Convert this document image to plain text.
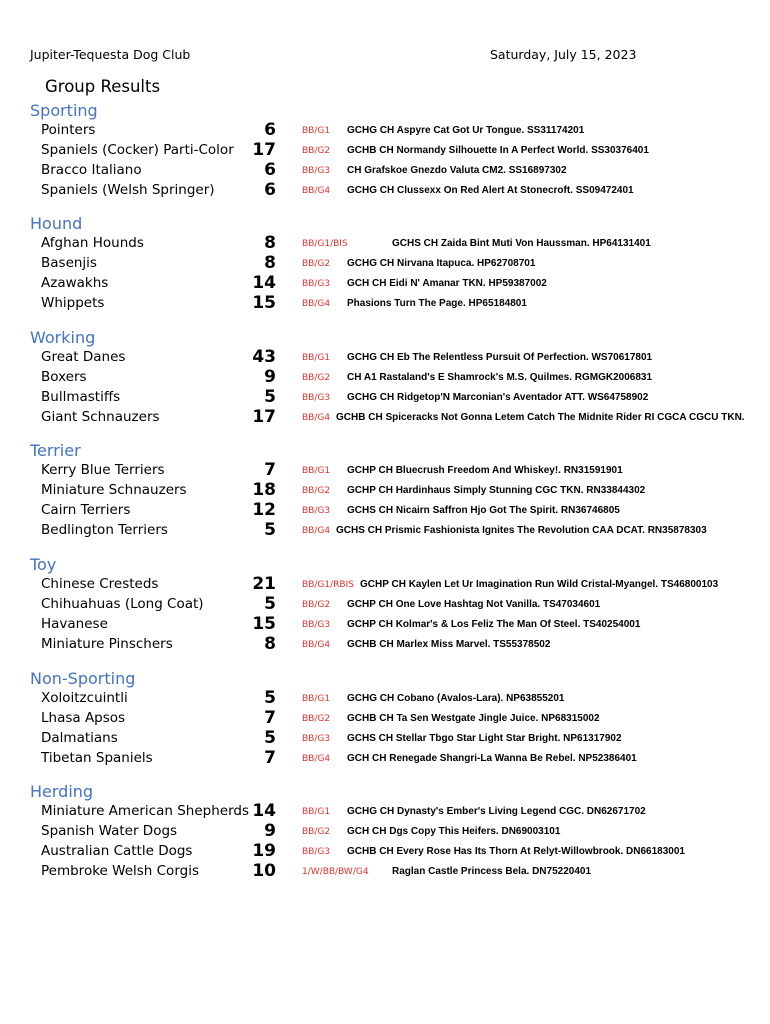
Jupiter-Tequesta Dog Club	Saturday, July 15, 2023
Group Results
Sporting
Pointers	6	BB/G1 GCHG CH Aspyre Cat Got Ur Tongue. SS31174201
Spaniels (Cocker) Parti-Color	17	BB/G2 GCHB CH Normandy Silhouette In A Perfect World. SS30376401
Bracco Italiano	6	BB/G3 CH Grafskoe Gnezdo Valuta CM2. SS16897302
Spaniels (Welsh Springer)	6	BB/G4 GCHG CH Clussexx On Red Alert At Stonecroft. SS09472401
Hound
Afghan Hounds	8	BB/G1/BIS	GCHS CH Zaida Bint Muti Von Haussman. HP64131401
Basenjis	8	BB/G2 GCHG CH Nirvana Itapuca. HP62708701
Azawakhs	14	BB/G3 GCH CH Eidi N' Amanar TKN. HP59387002
Whippets	15	BB/G4 Phasions Turn The Page. HP65184801
Working
Great Danes	43	BB/G1 GCHG CH Eb The Relentless Pursuit Of Perfection. WS70617801
Boxers	9	BB/G2 CH A1 Rastaland's E Shamrock's M.S. Quilmes. RGMGK2006831
Bullmastiffs	5	BB/G3 GCHG CH Ridgetop'N Marconian's Aventador ATT. WS64758902
Giant Schnauzers	17	BB/G4 GCHB CH Spiceracks Not Gonna Letem Catch The Midnite Rider RI CGCA CGCU TKN.
Terrier
Kerry Blue Terriers	7	BB/G1 GCHP CH Bluecrush Freedom And Whiskey!. RN31591901
Miniature Schnauzers	18	BB/G2 GCHP CH Hardinhaus Simply Stunning CGC TKN. RN33844302
Cairn Terriers	12	BB/G3 GCHS CH Nicairn Saffron Hjo Got The Spirit. RN36746805
Bedlington Terriers	5	BB/G4 GCHS CH Prismic Fashionista Ignites The Revolution CAA DCAT. RN35878303
Toy
Chinese Cresteds	21	BB/G1/RBIS GCHP CH Kaylen Let Ur Imagination Run Wild Cristal-Myangel. TS46800103
Chihuahuas (Long Coat)	5	BB/G2 GCHP CH One Love Hashtag Not Vanilla. TS47034601
Havanese	15	BB/G3 GCHP CH Kolmar's & Los Feliz The Man Of Steel. TS40254001
Miniature Pinschers	8	BB/G4 GCHB CH Marlex Miss Marvel. TS55378502
Non-Sporting
Xoloitzcuintli	5	BB/G1 GCHG CH Cobano (Avalos-Lara). NP63855201
Lhasa Apsos	7	BB/G2 GCHB CH Ta Sen Westgate Jingle Juice. NP68315002
Dalmatians	5	BB/G3 GCHS CH Stellar Tbgo Star Light Star Bright. NP61317902
Tibetan Spaniels	7	BB/G4 GCH CH Renegade Shangri-La Wanna Be Rebel. NP52386401
Herding
Miniature American Shepherds 14	BB/G1 GCHG CH Dynasty's Ember's Living Legend CGC. DN62671702
Spanish Water Dogs	9	BB/G2 GCH CH Dgs Copy This Heifers. DN69003101
Australian Cattle Dogs	19	BB/G3 GCHB CH Every Rose Has Its Thorn At Relyt-Willowbrook. DN66183001
Pembroke Welsh Corgis	10	1/W/BB/BW/G4 Raglan Castle Princess Bela. DN75220401
